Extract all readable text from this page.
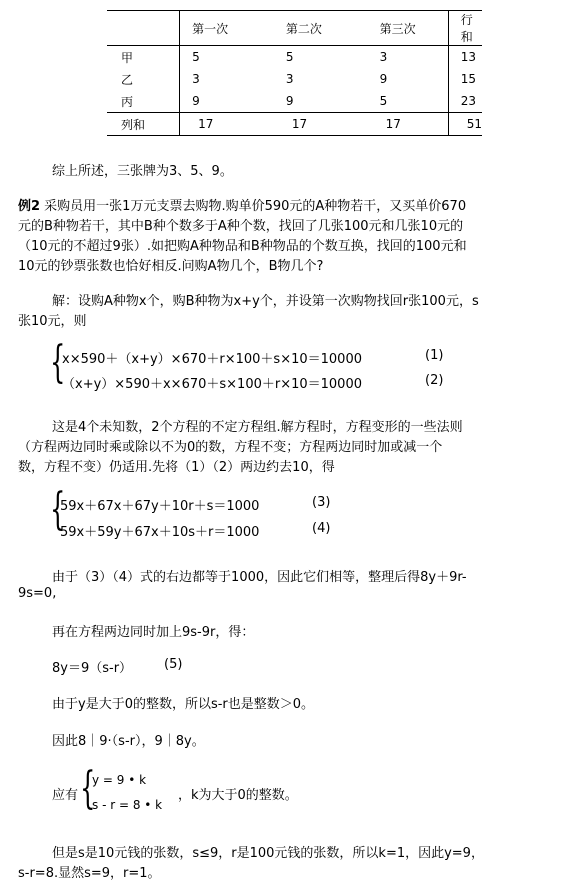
	第一次	第二次	第三次	行和
甲	5	5	3	13
乙	3	3	9	15
丙	9	9	5	23
列和	17	17	17	51
综上所述，三张牌为3、5、9。
例2 采购员用一张1万元支票去购物.购单价590元的A种物若干，又买单价670
元的B种物若干，其中B种个数多于A种个数，找回了几张100元和几张10元的
（10元的不超过9张）.如把购A种物品和B种物品的个数互换，找回的100元和
10元的钞票张数也恰好相反.问购A物几个，B物几个?
解：设购A种物x个，购B种物为x+y个，并设第一次购物找回r张100元，s
张10元，则
{
x×590＋（x+y）×670＋r×100＋s×10＝10000	(1)
（x+y）×590＋x×670＋s×100＋r×10＝10000	(2)
这是4个未知数，2个方程的不定方程组.解方程时，方程变形的一些法则
（方程两边同时乘或除以不为0的数，方程不变；方程两边同时加或减一个
数，方程不变）仍适用.先将（1）（2）两边约去10，得
{
59x＋67x＋67y＋10r＋s＝1000	(3)
59x＋59y＋67x＋10s＋r＝1000	(4)
由于（3）（4）式的右边都等于1000，因此它们相等，整理后得8y＋9r-
9s=0,
再在方程两边同时加上9s-9r，得：
8y＝9（s-r） (5)
由于y是大于0的整数，所以s-r也是整数＞0。
因此8｜9·（s-r），9｜8y。
应有 {
y = 9 • k
s - r = 8 • k
，k为大于0的整数。
但是s是10元钱的张数，s≤9，r是100元钱的张数，所以k=1，因此y=9，
s-r=8.显然s=9，r=1。
